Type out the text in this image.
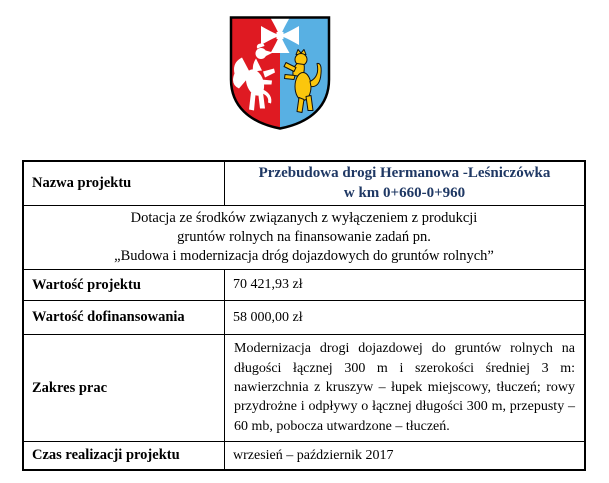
Nazwa projektu	Przebudowa drogi Hermanowa -Leśniczówka
w km 0+660-0+960

Dotacja ze środków związanych z wyłączeniem z produkcji
gruntów rolnych na finansowanie zadań pn.
„Budowa i modernizacja dróg dojazdowych do gruntów rolnych”	

Wartość projektu	70 421,93 zł
Wartość dofinansowania	58 000,00 zł
Zakres prac	Modernizacja drogi dojazdowej do gruntów rolnych na długości łącznej 300 m i szerokości średniej 3 m: nawierzchnia z kruszyw – łupek miejscowy, tłuczeń; rowy przydrożne i odpływy o łącznej długości 300 m, przepusty – 60 mb, pobocza utwardzone – tłuczeń.
Czas realizacji projektu	wrzesień – październik 2017
